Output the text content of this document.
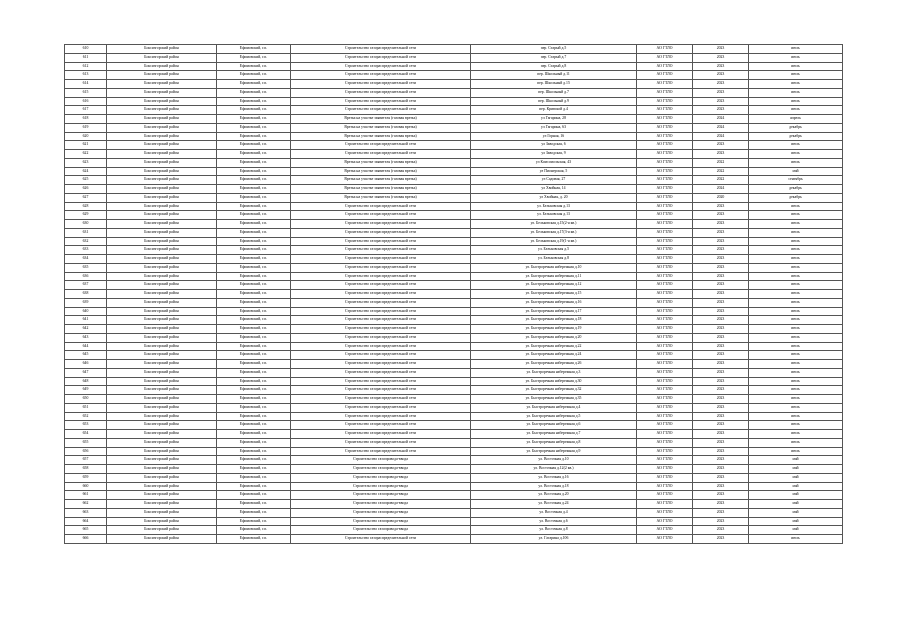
610	Боксизгорский район	Ефимовский, г.п.	Строительство газораспределительной сети	пер. Старый д.5	АО ГТЛО	2023	июль
611	Боксизгорский район	Ефимовский, г.п.	Строительство газораспределительной сети	пер. Старый д.7	АО ГТЛО	2023	июль
612	Боксизгорский район	Ефимовский, г.п.	Строительство газораспределительной сети	пер. Старый д.8	АО ГТЛО	2023	июль
613	Боксизгорский район	Ефимовский, г.п.	Строительство газораспределительной сети	пер. Школьный д.11	АО ГТЛО	2023	июль
614	Боксизгорский район	Ефимовский, г.п.	Строительство газораспределительной сети	пер. Школьный д.15	АО ГТЛО	2023	июль
615	Боксизгорский район	Ефимовский, г.п.	Строительство газораспределительной сети	пер. Школьный д.7	АО ГТЛО	2023	июль
616	Боксизгорский район	Ефимовский, г.п.	Строительство газораспределительной сети	пер. Школьный д.9	АО ГТЛО	2023	июль
617	Боксизгорский район	Ефимовский, г.п.	Строительство газораспределительной сети	пер. Кривской д.4	АО ГТЛО	2023	июль
618	Боксизгорский район	Ефимовский, г.п.	Врезка на участке заявителя (газовая врезка)	ул Гагарина, 28	АО ГТЛО	2024	апрель
619	Боксизгорский район	Ефимовский, г.п.	Врезка на участке заявителя (газовая врезка)	ул Гагарина, 63	АО ГТЛО	2024	декабрь
620	Боксизгорский район	Ефимовский, г.п.	Врезка на участке заявителя (газовая врезка)	ул Горная, 16	АО ГТЛО	2024	декабрь
621	Боксизгорский район	Ефимовский, г.п.	Строительство газораспределительной сети	ул Заводская, 6	АО ГТЛО	2023	июль
622	Боксизгорский район	Ефимовский, г.п.	Строительство газораспределительной сети	ул Заводская, 9	АО ГТЛО	2023	июль
623	Боксизгорский район	Ефимовский, г.п.	Врезка на участке заявителя (газовая врезка)	ул Комсомольская, 43	АО ГТЛО	2022	июль
624	Боксизгорский район	Ефимовский, г.п.	Врезка на участке заявителя (газовая врезка)	ул Пионерская, 5	АО ГТЛО	2022	май
625	Боксизгорский район	Ефимовский, г.п.	Врезка на участке заявителя (газовая врезка)	ул Садовая, 27	АО ГТЛО	2022	сентябрь
626	Боксизгорский район	Ефимовский, г.п.	Врезка на участке заявителя (газовая врезка)	ул Хвойная, 14	АО ГТЛО	2024	декабрь
627	Боксизгорский район	Ефимовский, г.п.	Врезка на участке заявителя (газовая врезка)	ул Хвойная, д. 20	АО ГТЛО	2020	декабрь
628	Боксизгорский район	Ефимовский, г.п.	Строительство газораспределительной сети	ул. Бельковская д.13	АО ГТЛО	2023	июль
629	Боксизгорский район	Ефимовский, г.п.	Строительство газораспределительной сети	ул. Бельковская д.13	АО ГТЛО	2023	июль
630	Боксизгорский район	Ефимовский, г.п.	Строительство газораспределительной сети	ул. Бельковская д.15(2-я кв.)	АО ГТЛО	2023	июль
631	Боксизгорский район	Ефимовский, г.п.	Строительство газораспределительной сети	ул. Бельковская д.17(3-я кв.)	АО ГТЛО	2023	июль
632	Боксизгорский район	Ефимовский, г.п.	Строительство газораспределительной сети	ул. Бельковская д.19(1-я кв.)	АО ГТЛО	2023	июль
633	Боксизгорский район	Ефимовский, г.п.	Строительство газораспределительной сети	ул. Бельковская д.5	АО ГТЛО	2023	июль
634	Боксизгорский район	Ефимовский, г.п.	Строительство газораспределительной сети	ул. Бельковская д.8	АО ГТЛО	2023	июль
635	Боксизгорский район	Ефимовский, г.п.	Строительство газораспределительной сети	ул. Быстроречная набережная д.10	АО ГТЛО	2023	июль
636	Боксизгорский район	Ефимовский, г.п.	Строительство газораспределительной сети	ул. Быстроречная набережная д.11	АО ГТЛО	2023	июль
637	Боксизгорский район	Ефимовский, г.п.	Строительство газораспределительной сети	ул. Быстроречная набережная д.12	АО ГТЛО	2023	июль
638	Боксизгорский район	Ефимовский, г.п.	Строительство газораспределительной сети	ул. Быстроречная набережная д.15	АО ГТЛО	2023	июль
639	Боксизгорский район	Ефимовский, г.п.	Строительство газораспределительной сети	ул. Быстроречная набережная д.16	АО ГТЛО	2023	июль
640	Боксизгорский район	Ефимовский, г.п.	Строительство газораспределительной сети	ул. Быстроречная набережная д.17	АО ГТЛО	2023	июль
641	Боксизгорский район	Ефимовский, г.п.	Строительство газораспределительной сети	ул. Быстроречная набережная д.18	АО ГТЛО	2023	июль
642	Боксизгорский район	Ефимовский, г.п.	Строительство газораспределительной сети	ул. Быстроречная набережная д.19	АО ГТЛО	2023	июль
643	Боксизгорский район	Ефимовский, г.п.	Строительство газораспределительной сети	ул. Быстроречная набережная д.20	АО ГТЛО	2023	июль
644	Боксизгорский район	Ефимовский, г.п.	Строительство газораспределительной сети	ул. Быстроречная набережная д.22	АО ГТЛО	2023	июль
645	Боксизгорский район	Ефимовский, г.п.	Строительство газораспределительной сети	ул. Быстроречная набережная д.24	АО ГТЛО	2023	июль
646	Боксизгорский район	Ефимовский, г.п.	Строительство газораспределительной сети	ул. Быстроречная набережная д.26	АО ГТЛО	2023	июль
647	Боксизгорский район	Ефимовский, г.п.	Строительство газораспределительной сети	ул. Быстроречная набережная д.3	АО ГТЛО	2023	июль
648	Боксизгорский район	Ефимовский, г.п.	Строительство газораспределительной сети	ул. Быстроречная набережная д.30	АО ГТЛО	2023	июль
649	Боксизгорский район	Ефимовский, г.п.	Строительство газораспределительной сети	ул. Быстроречная набережная д.32	АО ГТЛО	2023	июль
650	Боксизгорский район	Ефимовский, г.п.	Строительство газораспределительной сети	ул. Быстроречная набережная д.35	АО ГТЛО	2023	июль
651	Боксизгорский район	Ефимовский, г.п.	Строительство газораспределительной сети	ул. Быстроречная набережная д.4	АО ГТЛО	2023	июль
652	Боксизгорский район	Ефимовский, г.п.	Строительство газораспределительной сети	ул. Быстроречная набережная д.5	АО ГТЛО	2023	июль
653	Боксизгорский район	Ефимовский, г.п.	Строительство газораспределительной сети	ул. Быстроречная набережная д.6	АО ГТЛО	2023	июль
654	Боксизгорский район	Ефимовский, г.п.	Строительство газораспределительной сети	ул. Быстроречная набережная д.7	АО ГТЛО	2023	июль
655	Боксизгорский район	Ефимовский, г.п.	Строительство газораспределительной сети	ул. Быстроречная набережная д.8	АО ГТЛО	2023	июль
656	Боксизгорский район	Ефимовский, г.п.	Строительство газораспределительной сети	ул. Быстроречная набережная д.9	АО ГТЛО	2023	июль
657	Боксизгорский район	Ефимовский, г.п.	Строительство газопровода-ввода	ул. Восточная д.10	АО ГТЛО	2023	май
658	Боксизгорский район	Ефимовский, г.п.	Строительство газопровода-ввода	ул. Восточная д.12(2 кв.)	АО ГТЛО	2023	май
659	Боксизгорский район	Ефимовский, г.п.	Строительство газопровода-ввода	ул. Восточная д.16	АО ГТЛО	2023	май
660	Боксизгорский район	Ефимовский, г.п.	Строительство газопровода-ввода	ул. Восточная д.18	АО ГТЛО	2023	май
661	Боксизгорский район	Ефимовский, г.п.	Строительство газопровода-ввода	ул. Восточная д.20	АО ГТЛО	2023	май
662	Боксизгорский район	Ефимовский, г.п.	Строительство газопровода-ввода	ул. Восточная д.24	АО ГТЛО	2023	май
663	Боксизгорский район	Ефимовский, г.п.	Строительство газопровода-ввода	ул. Восточная д.4	АО ГТЛО	2023	май
664	Боксизгорский район	Ефимовский, г.п.	Строительство газопровода-ввода	ул. Восточная д.6	АО ГТЛО	2023	май
665	Боксизгорский район	Ефимовский, г.п.	Строительство газопровода-ввода	ул. Восточная д.8	АО ГТЛО	2023	май
666	Боксизгорский район	Ефимовский, г.п.	Строительство газораспределительной сети	ул. Гагарина д.106	АО ГТЛО	2023	июль
